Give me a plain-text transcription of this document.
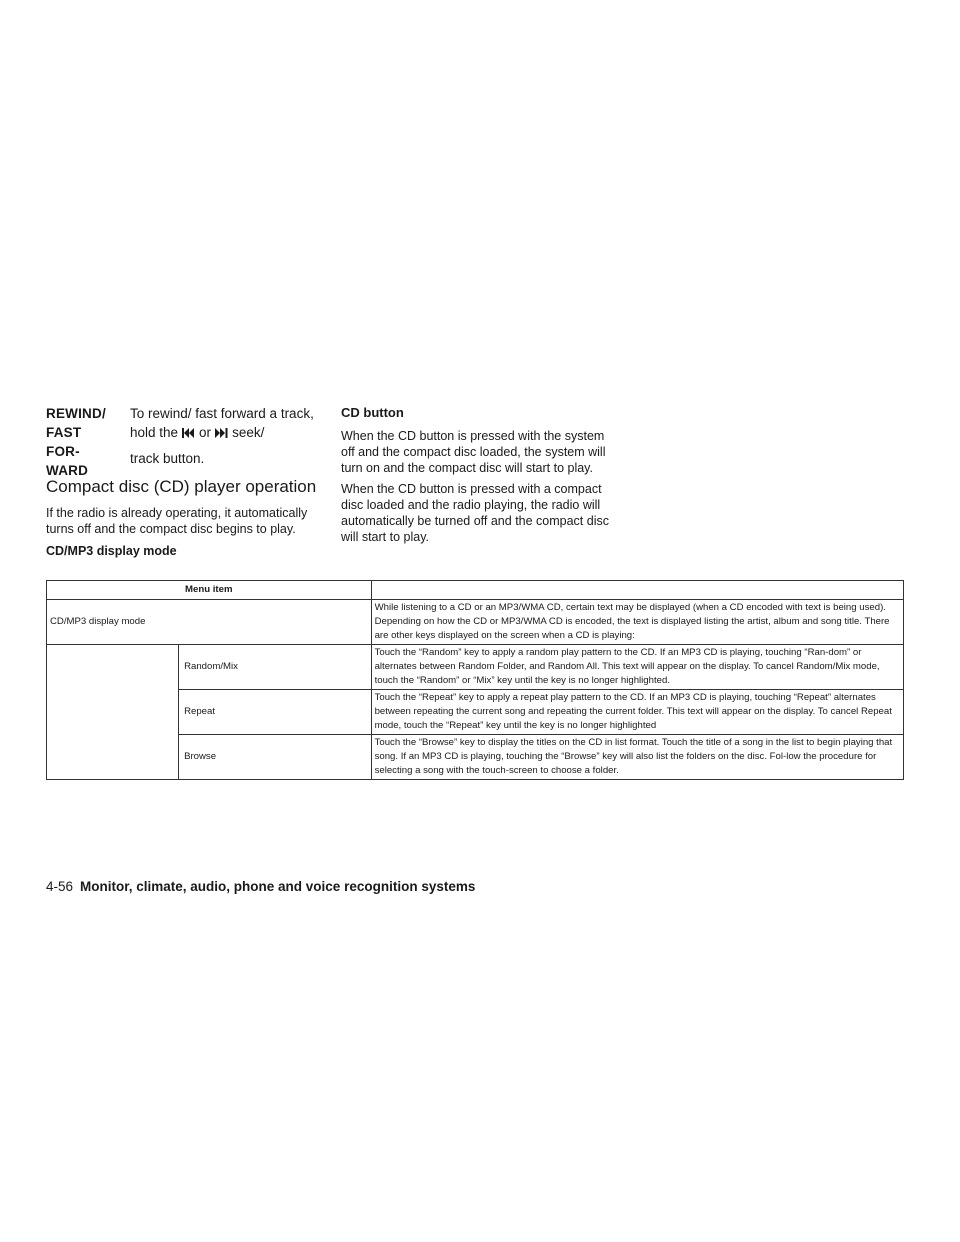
REWIND/
FAST
FOR-
WARD
To rewind/ fast forward a track,
hold the or seek/
track button.
Compact disc (CD) player operation
If the radio is already operating, it automatically turns off and the compact disc begins to play.
CD/MP3 display mode
CD button
When the CD button is pressed with the system off and the compact disc loaded, the system will turn on and the compact disc will start to play.
When the CD button is pressed with a compact disc loaded and the radio playing, the radio will automatically be turned off and the compact disc will start to play.
Menu item		
CD/MP3 display mode		While listening to a CD or an MP3/WMA CD, certain text may be displayed (when a CD encoded with text is being used). Depending on how the CD or MP3/WMA CD is encoded, the text is displayed listing the artist, album and song title. There are other keys displayed on the screen when a CD is playing:
	Random/Mix	Touch the “Random” key to apply a random play pattern to the CD. If an MP3 CD is playing, touching “Ran-dom” or alternates between Random Folder, and Random All. This text will appear on the display. To cancel Random/Mix mode, touch the “Random” or “Mix” key until the key is no longer highlighted.
	Repeat	Touch the “Repeat” key to apply a repeat play pattern to the CD. If an MP3 CD is playing, touching “Repeat” alternates between repeating the current song and repeating the current folder. This text will appear on the display. To cancel Repeat mode, touch the “Repeat” key until the key is no longer highlighted
	Browse	Touch the “Browse” key to display the titles on the CD in list format. Touch the title of a song in the list to begin playing that song. If an MP3 CD is playing, touching the “Browse” key will also list the folders on the disc. Fol-low the procedure for selecting a song with the touch-screen to choose a folder.
4-56 Monitor, climate, audio, phone and voice recognition systems
